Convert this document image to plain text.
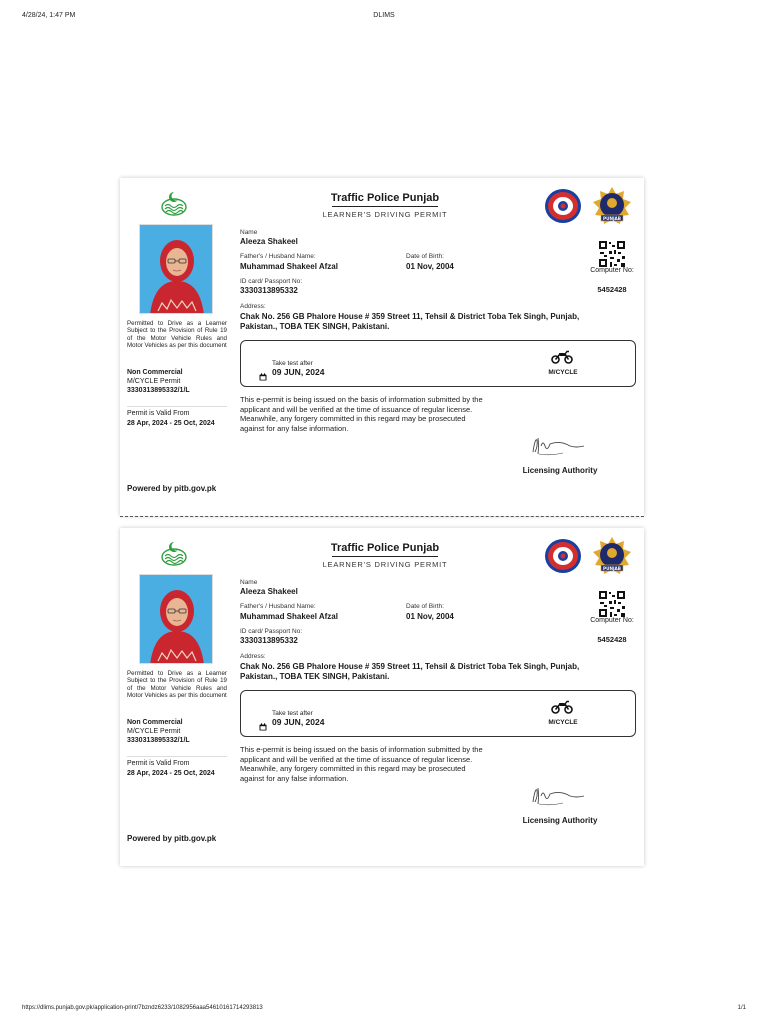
4/28/24, 1:47 PM	DLIMS
Permitted to Drive as a Learner Subject to the Provision of Rule 19 of the Motor Vehicle Rules and Motor Vehicles as per this document
Non Commercial
M/CYCLE Permit
3330313895332/1/L
Permit is Valid From
28 Apr, 2024 - 25 Oct, 2024
Powered by pitb.gov.pk
Traffic Police Punjab
LEARNER'S DRIVING PERMIT	PUNJAB
Computer No:
5452428
Name
Aleeza Shakeel
Father's / Husband Name:
Muhammad Shakeel Afzal
Date of Birth:
01 Nov, 2004
ID card/ Passport No:
3330313895332
Address:
Chak No. 256 GB Phalore House # 359 Street 11, Tehsil & District Toba Tek Singh, Punjab, Pakistan., TOBA TEK SINGH, Pakistani.
Take test after
09 JUN, 2024	M/CYCLE
This e-permit is being issued on the basis of information submitted by the applicant and will be verified at the time of issuance of regular license. Meanwhile, any forgery committed in this regard may be prosecuted against for any false information.
Licensing Authority
Permitted to Drive as a Learner Subject to the Provision of Rule 19 of the Motor Vehicle Rules and Motor Vehicles as per this document
Non Commercial
M/CYCLE Permit
3330313895332/1/L
Permit is Valid From
28 Apr, 2024 - 25 Oct, 2024
Powered by pitb.gov.pk
Traffic Police Punjab
LEARNER'S DRIVING PERMIT	PUNJAB
Computer No:
5452428
Name
Aleeza Shakeel
Father's / Husband Name:
Muhammad Shakeel Afzal
Date of Birth:
01 Nov, 2004
ID card/ Passport No:
3330313895332
Address:
Chak No. 256 GB Phalore House # 359 Street 11, Tehsil & District Toba Tek Singh, Punjab, Pakistan., TOBA TEK SINGH, Pakistani.
Take test after
09 JUN, 2024	M/CYCLE
This e-permit is being issued on the basis of information submitted by the applicant and will be verified at the time of issuance of regular license. Meanwhile, any forgery committed in this regard may be prosecuted against for any false information.
Licensing Authority
https://dlims.punjab.gov.pk/application-print/7bzndz6233/1082956aaa54610161714293813	1/1
